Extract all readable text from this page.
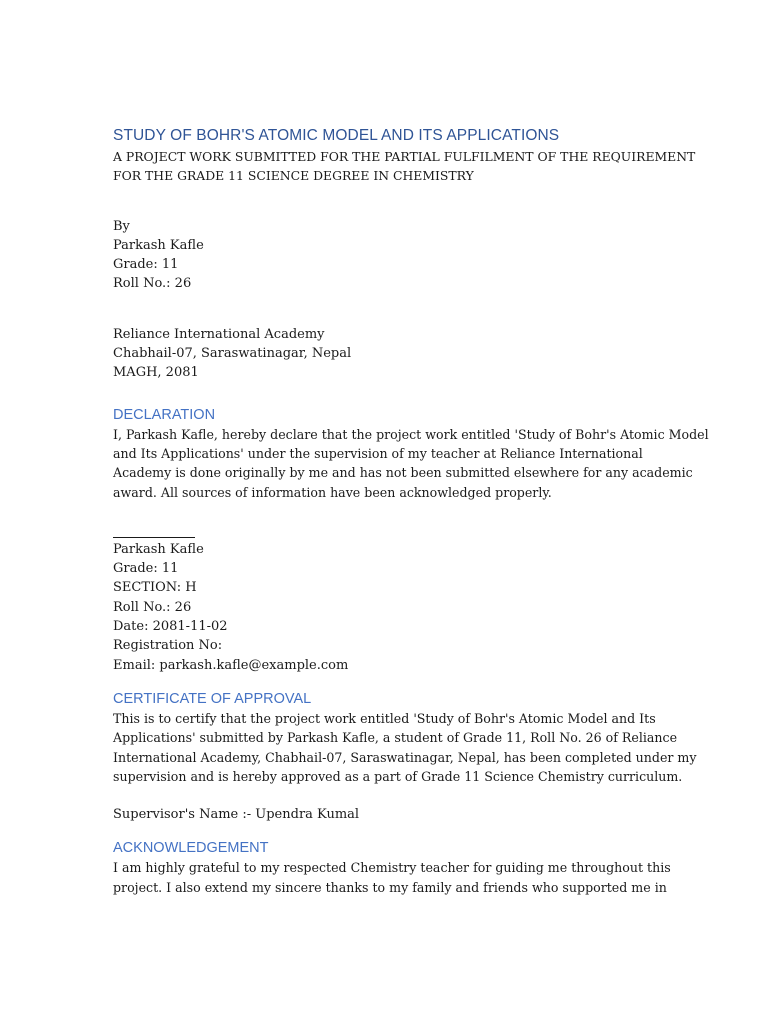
STUDY OF BOHR'S ATOMIC MODEL AND ITS APPLICATIONS
A PROJECT WORK SUBMITTED FOR THE PARTIAL FULFILMENT OF THE REQUIREMENT
FOR THE GRADE 11 SCIENCE DEGREE IN CHEMISTRY
By
Parkash Kafle
Grade: 11
Roll No.: 26
Reliance International Academy
Chabhail-07, Saraswatinagar, Nepal
MAGH, 2081
DECLARATION
I, Parkash Kafle, hereby declare that the project work entitled 'Study of Bohr's Atomic Model
and Its Applications' under the supervision of my teacher at Reliance International
Academy is done originally by me and has not been submitted elsewhere for any academic
award. All sources of information have been acknowledged properly.
Parkash Kafle
Grade: 11
SECTION: H
Roll No.: 26
Date: 2081-11-02
Registration No:
Email: parkash.kafle@example.com
CERTIFICATE OF APPROVAL
This is to certify that the project work entitled 'Study of Bohr's Atomic Model and Its
Applications' submitted by Parkash Kafle, a student of Grade 11, Roll No. 26 of Reliance
International Academy, Chabhail-07, Saraswatinagar, Nepal, has been completed under my
supervision and is hereby approved as a part of Grade 11 Science Chemistry curriculum.
Supervisor's Name :- Upendra Kumal
ACKNOWLEDGEMENT
I am highly grateful to my respected Chemistry teacher for guiding me throughout this
project. I also extend my sincere thanks to my family and friends who supported me in
